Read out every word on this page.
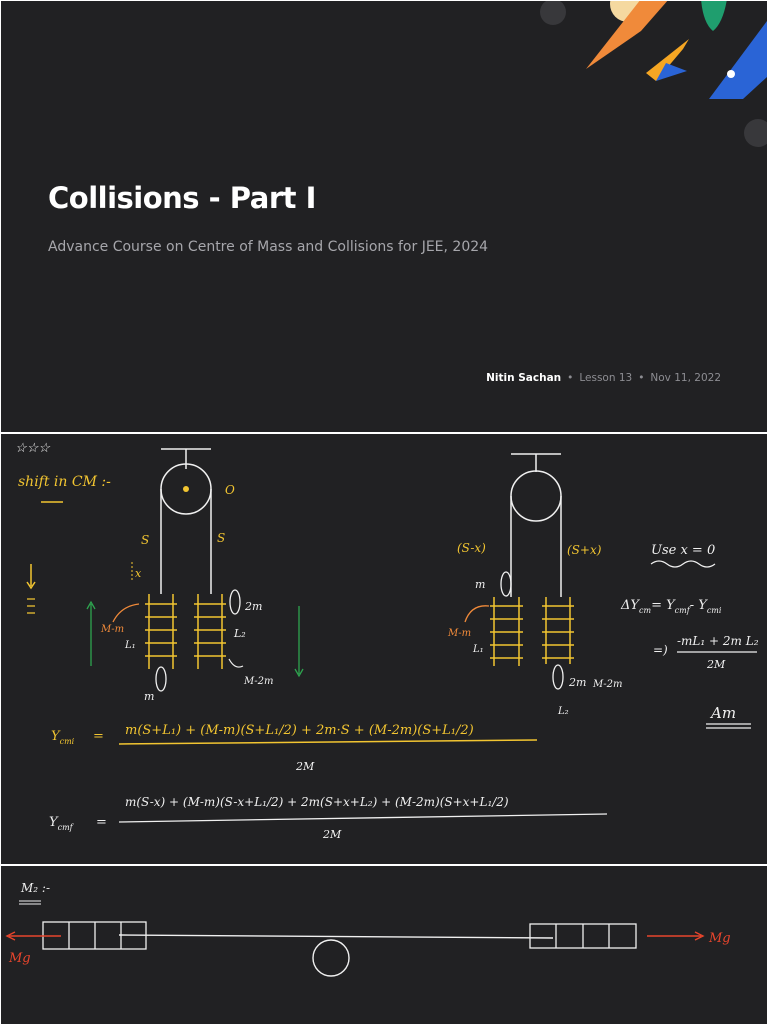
Collisions - Part I

Advance Course on Centre of Mass and Collisions for JEE, 2024

Nitin Sachan • Lesson 13 • Nov 11, 2022
☆☆☆
shift in CM :-	O
S	S
x
2m
L₂
m
M-m
L₁
M-2m
(S-x)	(S+x)
m
M-m
L₁
2m M-2m
L₂
Use x = 0
$\Delta Y_{cm}= Y_{cmf}-$ $Y_{cmi}$
=)
-mL₁ + 2m L₂
2M
Am
$Y_{cmi} = m(S+L_1) + (M-m)(S+L_1/2) + 2m\cdot S + (M-2m)(S+L_1/2)$
2M
$Y_{cmf}$ =
m(S-x) + (M-m)(S-x+L₁/2) + 2m(S+x+L₂) + (M-2m)(S+x+L₁/2)
2M
M₂ :-
Mg
Mg
